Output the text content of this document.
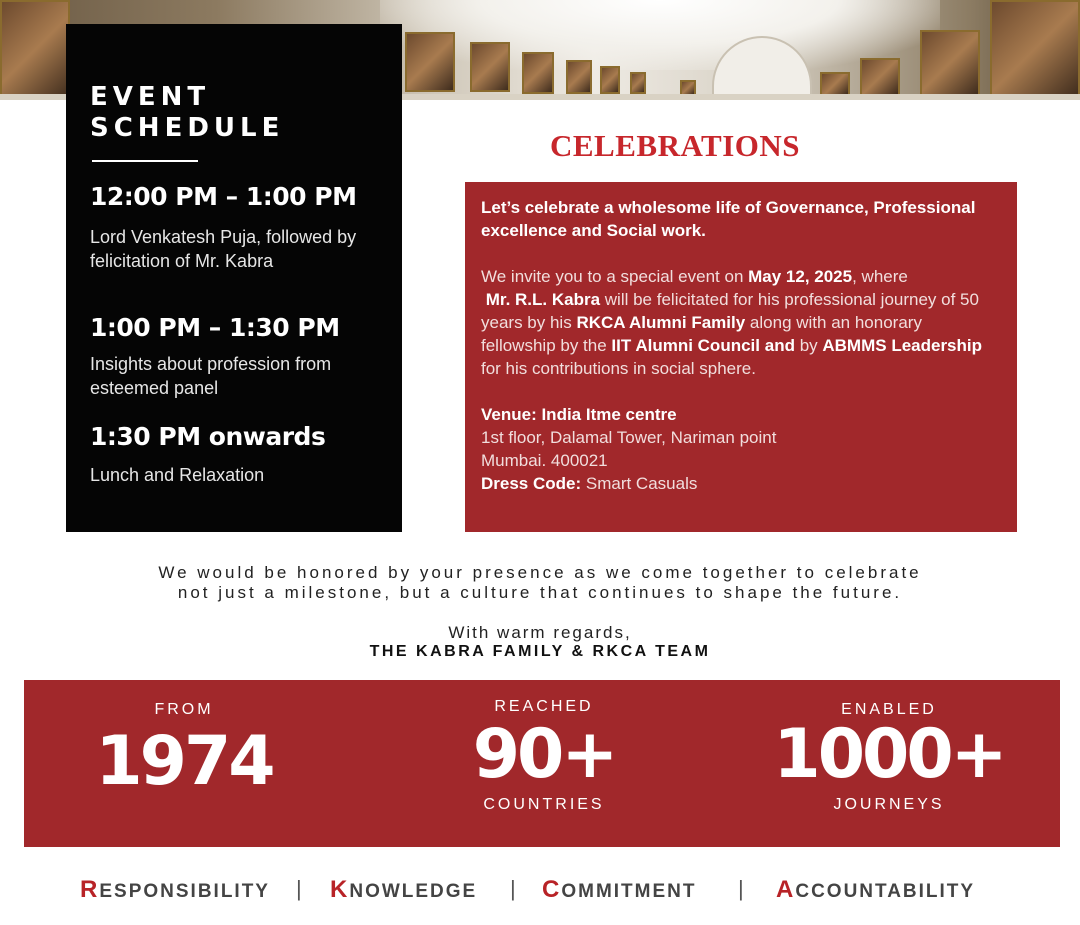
EVENT
SCHEDULE
12:00 PM – 1:00 PM
Lord Venkatesh Puja, followed by felicitation of Mr. Kabra
1:00 PM – 1:30 PM
Insights about profession from esteemed panel
1:30 PM onwards
Lunch and Relaxation
CELEBRATIONS
Let’s celebrate a wholesome life of Governance, Professional excellence and Social work.
We invite you to a special event on May 12, 2025, where
Mr. R.L. Kabra will be felicitated for his professional journey of 50 years by his RKCA Alumni Family along with an honorary fellowship by the IIT Alumni Council and by ABMMS Leadership for his contributions in social sphere.
Venue: India Itme centre
1st floor, Dalamal Tower, Nariman point
Mumbai. 400021
Dress Code: Smart Casuals
We would be honored by your presence as we come together to celebrate
not just a milestone, but a culture that continues to shape the future.
With warm regards,
THE KABRA FAMILY & RKCA TEAM
FROM
1974
REACHED
90+
COUNTRIES
ENABLED
1000+
JOURNEYS
RESPONSIBILITY | KNOWLEDGE | COMMITMENT | ACCOUNTABILITY
